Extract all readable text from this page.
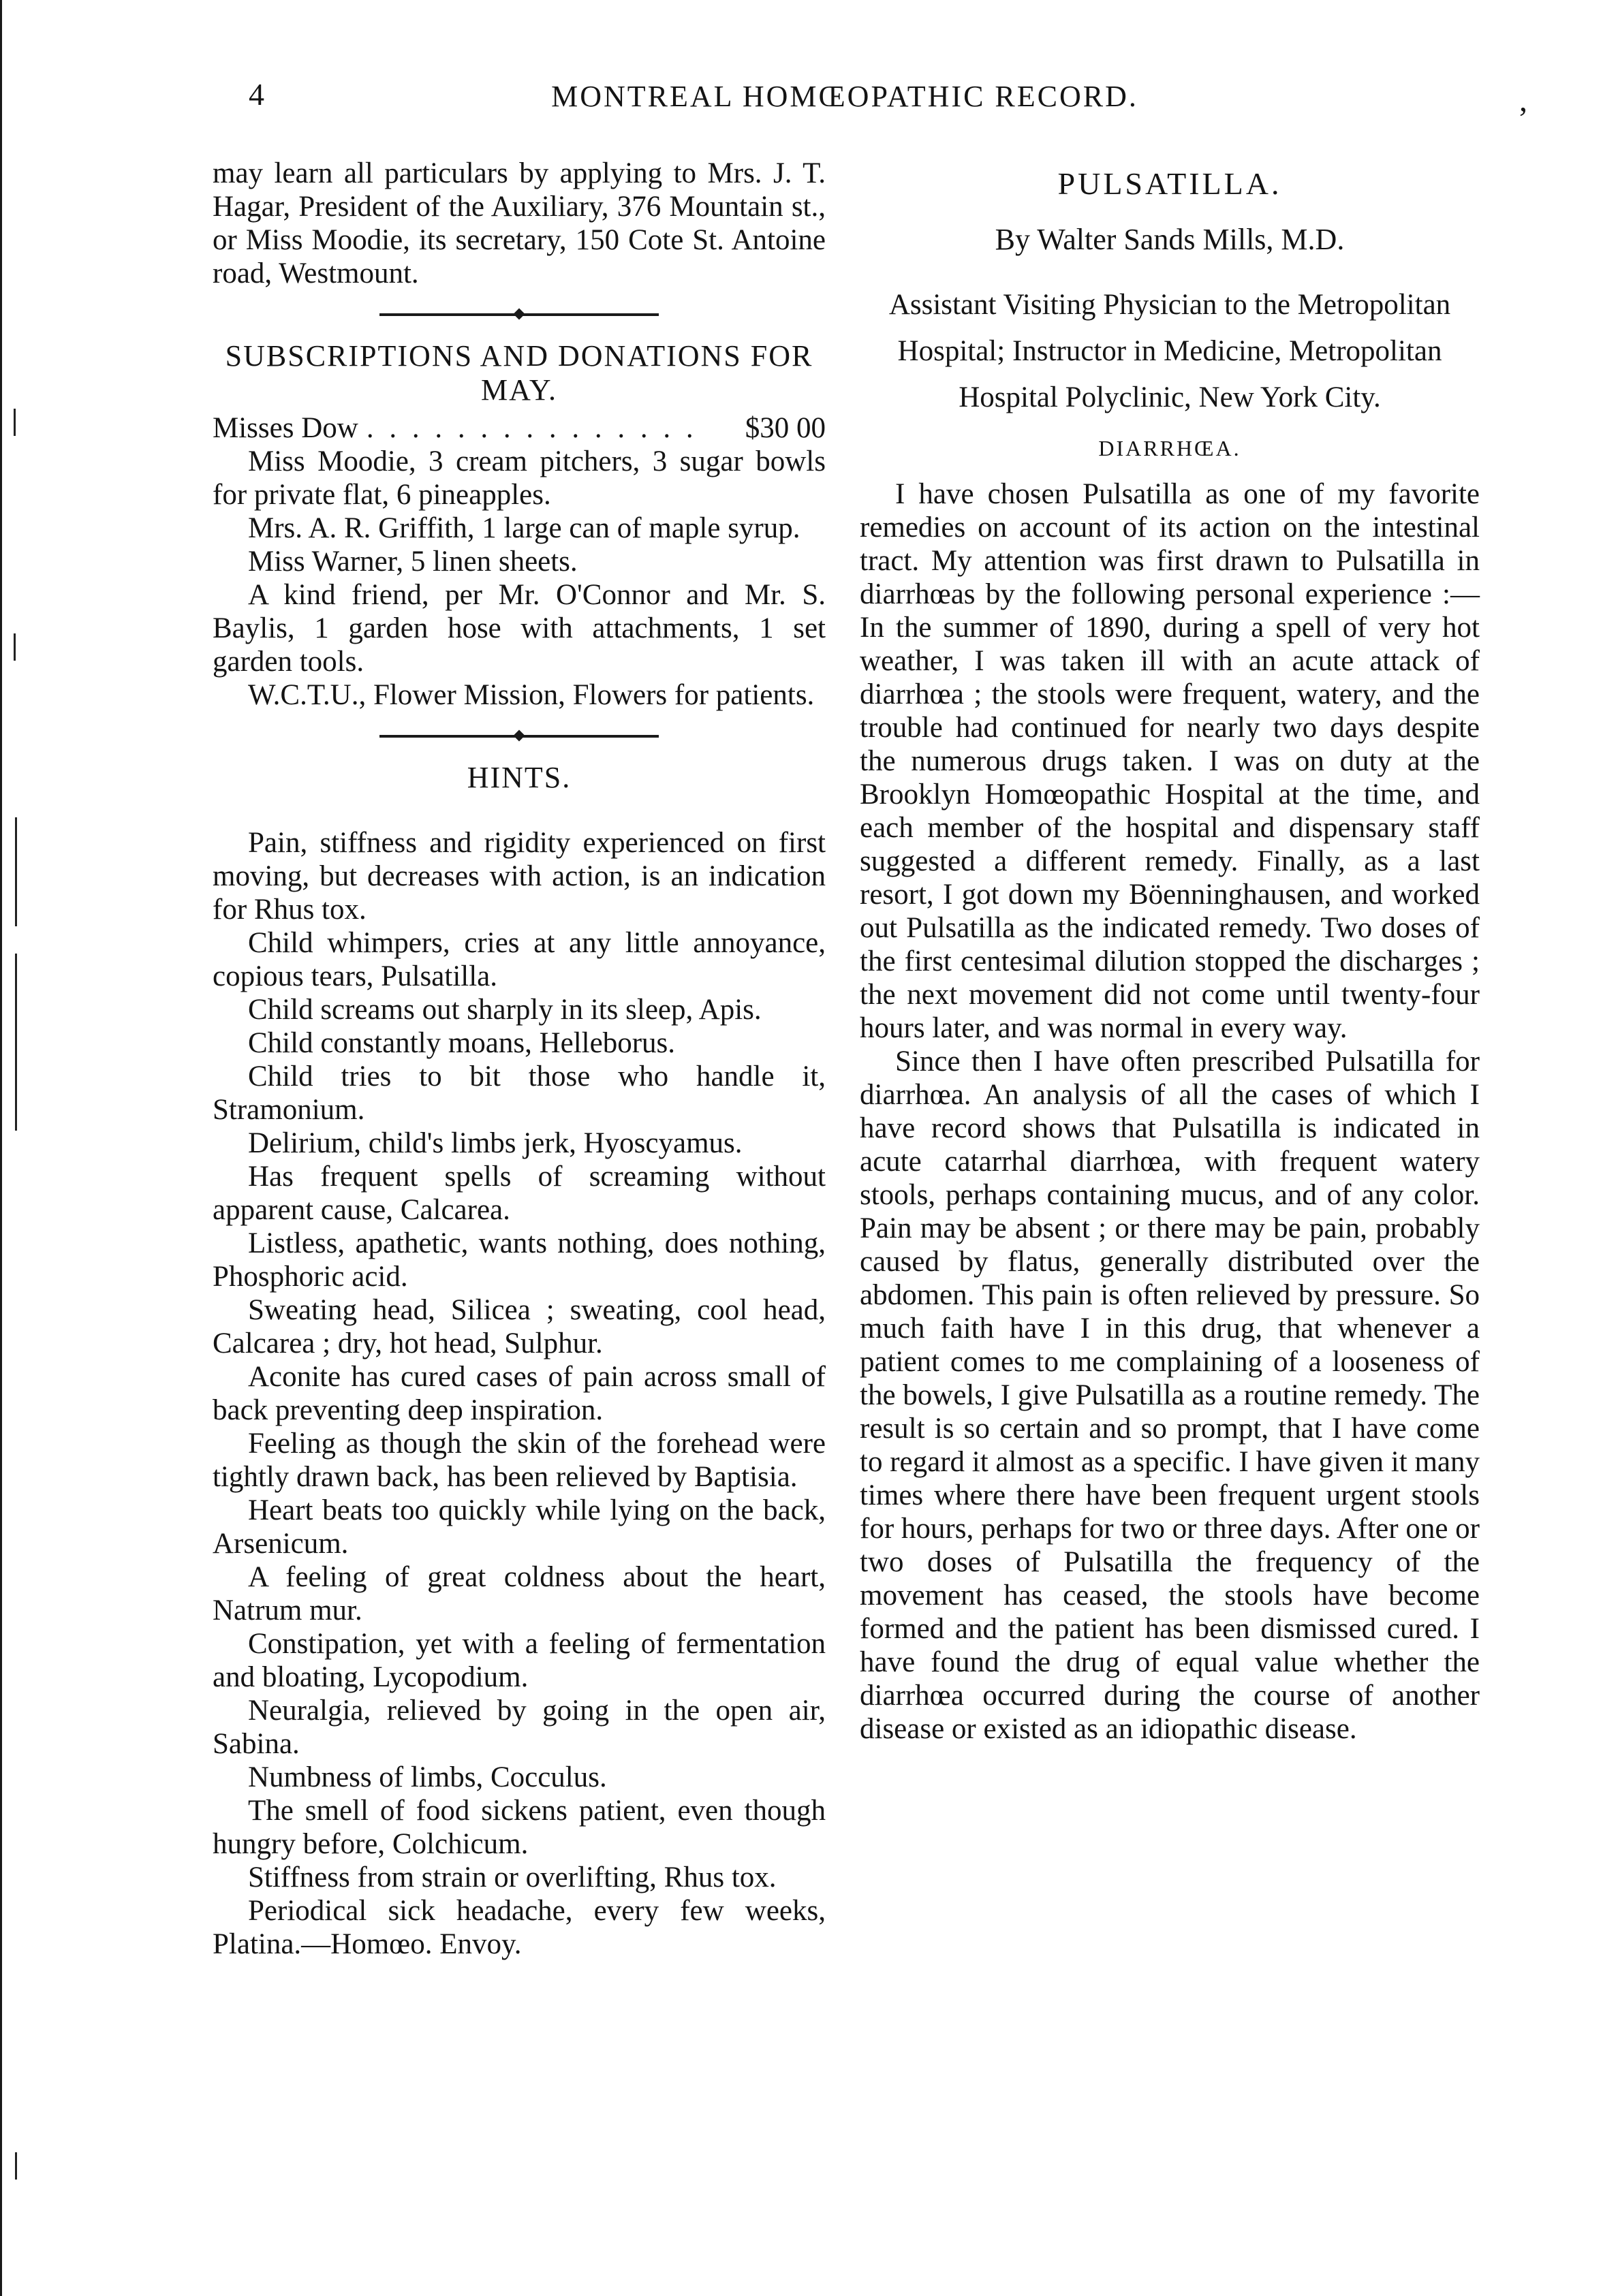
4	MONTREAL HOMŒOPATHIC RECORD.	,

may learn all particulars by applying to Mrs. J. T. Hagar, President of the Auxiliary, 376 Mountain st., or Miss Moodie, its secretary, 150 Cote St. Antoine road, Westmount.

SUBSCRIPTIONS AND DONATIONS FOR MAY.
Misses Dow . . . . . . . . . . . . . . .	$30 00

Miss Moodie, 3 cream pitchers, 3 sugar bowls for private flat, 6 pineapples.

Mrs. A. R. Griffith, 1 large can of maple syrup.

Miss Warner, 5 linen sheets.

A kind friend, per Mr. O'Connor and Mr. S. Baylis, 1 garden hose with attachments, 1 set garden tools.

W.C.T.U., Flower Mission, Flowers for patients.

HINTS.

Pain, stiffness and rigidity experienced on first moving, but decreases with action, is an indication for Rhus tox.

Child whimpers, cries at any little annoyance, copious tears, Pulsatilla.

Child screams out sharply in its sleep, Apis.

Child constantly moans, Helleborus.

Child tries to bit those who handle it, Stramonium.

Delirium, child's limbs jerk, Hyoscyamus.

Has frequent spells of screaming without apparent cause, Calcarea.

Listless, apathetic, wants nothing, does nothing, Phosphoric acid.

Sweating head, Silicea ; sweating, cool head, Calcarea ; dry, hot head, Sulphur.

Aconite has cured cases of pain across small of back preventing deep inspiration.

Feeling as though the skin of the forehead were tightly drawn back, has been relieved by Baptisia.

Heart beats too quickly while lying on the back, Arsenicum.

A feeling of great coldness about the heart, Natrum mur.

Constipation, yet with a feeling of fermentation and bloating, Lycopodium.

Neuralgia, relieved by going in the open air, Sabina.

Numbness of limbs, Cocculus.

The smell of food sickens patient, even though hungry before, Colchicum.

Stiffness from strain or overlifting, Rhus tox.

Periodical sick headache, every few weeks, Platina.—Homœo. Envoy.

PULSATILLA.
By Walter Sands Mills, M.D.
Assistant Visiting Physician to the Metropolitan Hospital; Instructor in Medicine, Metropolitan Hospital Polyclinic, New York City.
DIARRHŒA.

I have chosen Pulsatilla as one of my favorite remedies on account of its action on the intestinal tract. My attention was first drawn to Pulsatilla in diarrhœas by the following personal experience :—In the summer of 1890, during a spell of very hot weather, I was taken ill with an acute attack of diarrhœa ; the stools were frequent, watery, and the trouble had continued for nearly two days despite the numerous drugs taken. I was on duty at the Brooklyn Homœopathic Hospital at the time, and each member of the hospital and dispensary staff suggested a different remedy. Finally, as a last resort, I got down my Böenninghausen, and worked out Pulsatilla as the indicated remedy. Two doses of the first centesimal dilution stopped the discharges ; the next movement did not come until twenty-four hours later, and was normal in every way.

Since then I have often prescribed Pulsatilla for diarrhœa. An analysis of all the cases of which I have record shows that Pulsatilla is indicated in acute catarrhal diarrhœa, with frequent watery stools, perhaps containing mucus, and of any color. Pain may be absent ; or there may be pain, probably caused by flatus, generally distributed over the abdomen. This pain is often relieved by pressure. So much faith have I in this drug, that whenever a patient comes to me complaining of a looseness of the bowels, I give Pulsatilla as a routine remedy. The result is so certain and so prompt, that I have come to regard it almost as a specific. I have given it many times where there have been frequent urgent stools for hours, perhaps for two or three days. After one or two doses of Pulsatilla the frequency of the movement has ceased, the stools have become formed and the patient has been dismissed cured. I have found the drug of equal value whether the diarrhœa occurred during the course of another disease or existed as an idiopathic disease.
